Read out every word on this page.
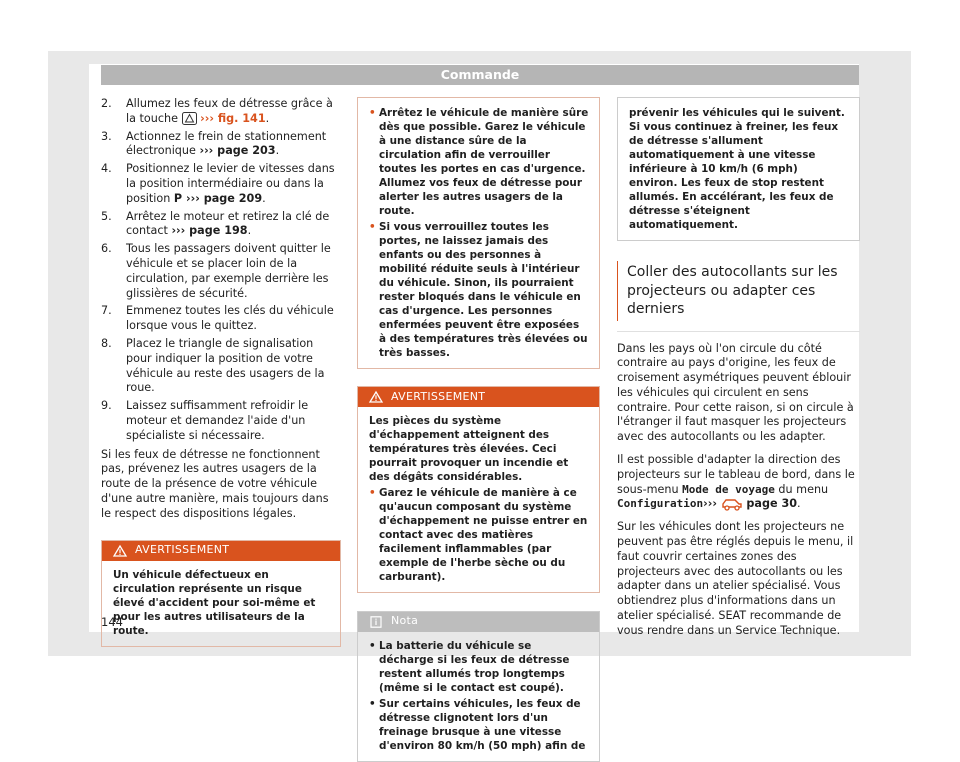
Commande
2.	Allumez les feux de détresse grâce à la touche  ››› fig. 141.
3.	Actionnez le frein de stationnement électronique ››› page 203.
4.	Positionnez le levier de vitesses dans la position intermédiaire ou dans la position P ››› page 209.
5.	Arrêtez le moteur et retirez la clé de contact ››› page 198.
6.	Tous les passagers doivent quitter le véhicule et se placer loin de la circulation, par exemple derrière les glissières de sécurité.
7.	Emmenez toutes les clés du véhicule lorsque vous le quittez.
8.	Placez le triangle de signalisation pour indiquer la position de votre véhicule au reste des usagers de la roue.
9.	Laissez suffisamment refroidir le moteur et demandez l'aide d'un spécialiste si nécessaire.

Si les feux de détresse ne fonctionnent pas, prévenez les autres usagers de la route de la présence de votre véhicule d'une autre manière, mais toujours dans le respect des dispositions légales.

AVERTISSEMENT
Un véhicule défectueux en circulation représente un risque élevé d'accident pour soi-même et pour les autres utilisateurs de la route.
• Arrêtez le véhicule de manière sûre dès que possible. Garez le véhicule à une distance sûre de la circulation afin de verrouiller toutes les portes en cas d'urgence. Allumez vos feux de détresse pour alerter les autres usagers de la route.
• Si vous verrouillez toutes les portes, ne laissez jamais des enfants ou des personnes à mobilité réduite seuls à l'intérieur du véhicule. Sinon, ils pourraient rester bloqués dans le véhicule en cas d'urgence. Les personnes enfermées peuvent être exposées à des températures très élevées ou très basses.
AVERTISSEMENT
Les pièces du système d'échappement atteignent des températures très élevées. Ceci pourrait provoquer un incendie et des dégâts considérables.
• Garez le véhicule de manière à ce qu'aucun composant du système d'échappement ne puisse entrer en contact avec des matières facilement inflammables (par exemple de l'herbe sèche ou du carburant).
Nota
• La batterie du véhicule se décharge si les feux de détresse restent allumés trop longtemps (même si le contact est coupé).
• Sur certains véhicules, les feux de détresse clignotent lors d'un freinage brusque à une vitesse d'environ 80 km/h (50 mph) afin de
prévenir les véhicules qui le suivent. Si vous continuez à freiner, les feux de détresse s'allument automatiquement à une vitesse inférieure à 10 km/h (6 mph) environ. Les feux de stop restent allumés. En accélérant, les feux de détresse s'éteignent automatiquement.
Coller des autocollants sur les projecteurs ou adapter ces derniers

Dans les pays où l'on circule du côté contraire au pays d'origine, les feux de croisement asymétriques peuvent éblouir les véhicules qui circulent en sens contraire. Pour cette raison, si on circule à l'étranger il faut masquer les projecteurs avec des autocollants ou les adapter.

Il est possible d'adapter la direction des projecteurs sur le tableau de bord, dans le sous-menu Mode de voyage du menu Configuration›››  page 30.

Sur les véhicules dont les projecteurs ne peuvent pas être réglés depuis le menu, il faut couvrir certaines zones des projecteurs avec des autocollants ou les adapter dans un atelier spécialisé. Vous obtiendrez plus d'informations dans un atelier spécialisé. SEAT recommande de vous rendre dans un Service Technique.

144
